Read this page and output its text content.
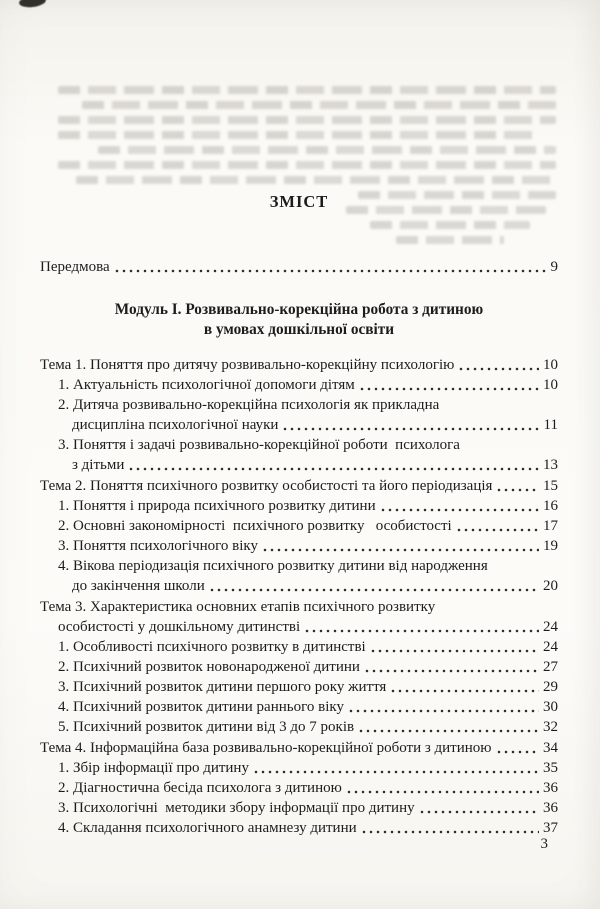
ЗМІСТ
Передмова	9
Модуль І. Розвивально-корекційна робота з дитиною
в умовах дошкільної освіти
Тема 1. Поняття про дитячу розвивально-корекційну психологію	10
1. Актуальність психологічної допомоги дітям	10
2. Дитяча розвивально-корекційна психологія як прикладна
дисципліна психологічної науки	11
3. Поняття і задачі розвивально-корекційної роботи  психолога
з дітьми	13
Тема 2. Поняття психічного розвитку особистості та його періодизація	15
1. Поняття і природа психічного розвитку дитини	16
2. Основні закономірності  психічного розвитку   особистості	17
3. Поняття психологічного віку	19
4. Вікова періодизація психічного розвитку дитини від народження
до закінчення школи	20
Тема 3. Характеристика основних етапів психічного розвитку
особистості у дошкільному дитинстві	24
1. Особливості психічного розвитку в дитинстві	24
2. Психічний розвиток новонародженої дитини	27
3. Психічний розвиток дитини першого року життя	29
4. Психічний розвиток дитини раннього віку	30
5. Психічний розвиток дитини від 3 до 7 років	32
Тема 4. Інформаційна база розвивально-корекційної роботи з дитиною	34
1. Збір інформації про дитину	35
2. Діагностична бесіда психолога з дитиною	36
3. Психологічні  методики збору інформації про дитину	36
4. Складання психологічного анамнезу дитини	37
3
